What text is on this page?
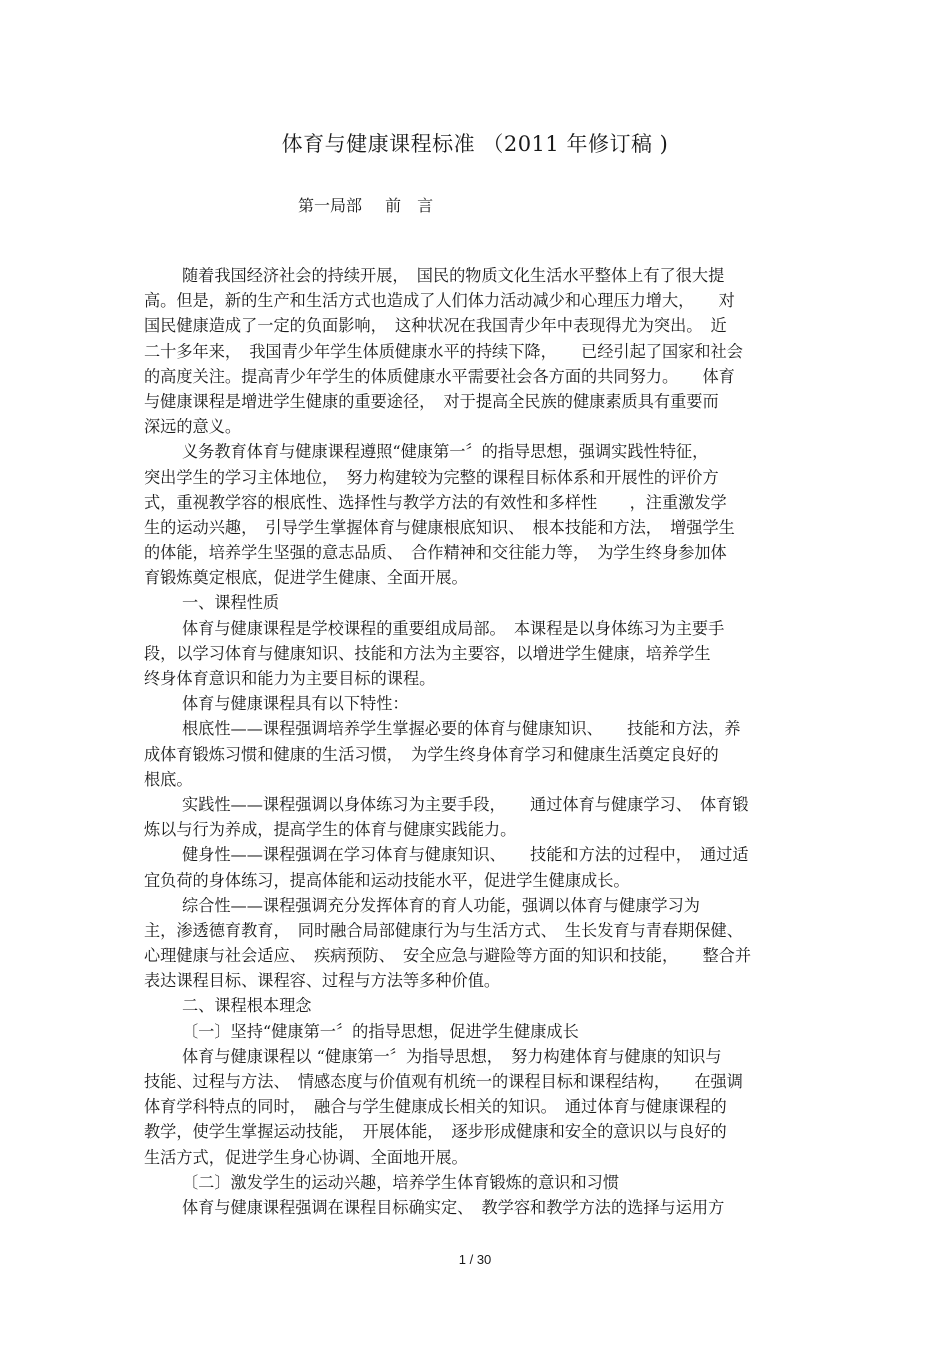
体育与健康课程标准 （2011 年修订稿 )
第一局部 前　言
随着我国经济社会的持续开展，　国民的物质文化生活水平整体上有了很大提
高。但是，新的生产和生活方式也造成了人们体力活动减少和心理压力增大，　　对
国民健康造成了一定的负面影响，　这种状况在我国青少年中表现得尤为突出。　近
二十多年来，　我国青少年学生体质健康水平的持续下降，　　已经引起了国家和社会
的高度关注。提高青少年学生的体质健康水平需要社会各方面的共同努力。　　体育
与健康课程是增进学生健康的重要途径，　对于提高全民族的健康素质具有重要而
深远的意义。
义务教育体育与健康课程遵照“健康第一〞的指导思想，强调实践性特征，
突出学生的学习主体地位，　努力构建较为完整的课程目标体系和开展性的评价方
式，重视教学容的根底性、选择性与教学方法的有效性和多样性　　，注重激发学
生的运动兴趣，　引导学生掌握体育与健康根底知识、　根本技能和方法，　增强学生
的体能，培养学生坚强的意志品质、　合作精神和交往能力等，　为学生终身参加体
育锻炼奠定根底，促进学生健康、全面开展。
一、课程性质
体育与健康课程是学校课程的重要组成局部。　本课程是以身体练习为主要手
段，以学习体育与健康知识、技能和方法为主要容，以增进学生健康，培养学生
终身体育意识和能力为主要目标的课程。
体育与健康课程具有以下特性：
根底性——课程强调培养学生掌握必要的体育与健康知识、　　技能和方法，养
成体育锻炼习惯和健康的生活习惯，　为学生终身体育学习和健康生活奠定良好的
根底。
实践性——课程强调以身体练习为主要手段，　　通过体育与健康学习、　体育锻
炼以与行为养成，提高学生的体育与健康实践能力。
健身性——课程强调在学习体育与健康知识、　　技能和方法的过程中，　通过适
宜负荷的身体练习，提高体能和运动技能水平，促进学生健康成长。
综合性——课程强调充分发挥体育的育人功能，强调以体育与健康学习为
主，渗透德育教育，　同时融合局部健康行为与生活方式、　生长发育与青春期保健、
心理健康与社会适应、　疾病预防、　安全应急与避险等方面的知识和技能，　　整合并
表达课程目标、课程容、过程与方法等多种价值。
二、课程根本理念
〔一〕坚持“健康第一〞的指导思想，促进学生健康成长
体育与健康课程以 “健康第一〞为指导思想，　努力构建体育与健康的知识与
技能、过程与方法、　情感态度与价值观有机统一的课程目标和课程结构，　　在强调
体育学科特点的同时，　融合与学生健康成长相关的知识。　通过体育与健康课程的
教学，使学生掌握运动技能，　开展体能，　逐步形成健康和安全的意识以与良好的
生活方式，促进学生身心协调、全面地开展。
〔二〕激发学生的运动兴趣，培养学生体育锻炼的意识和习惯
体育与健康课程强调在课程目标确实定、　教学容和教学方法的选择与运用方
1 / 30
